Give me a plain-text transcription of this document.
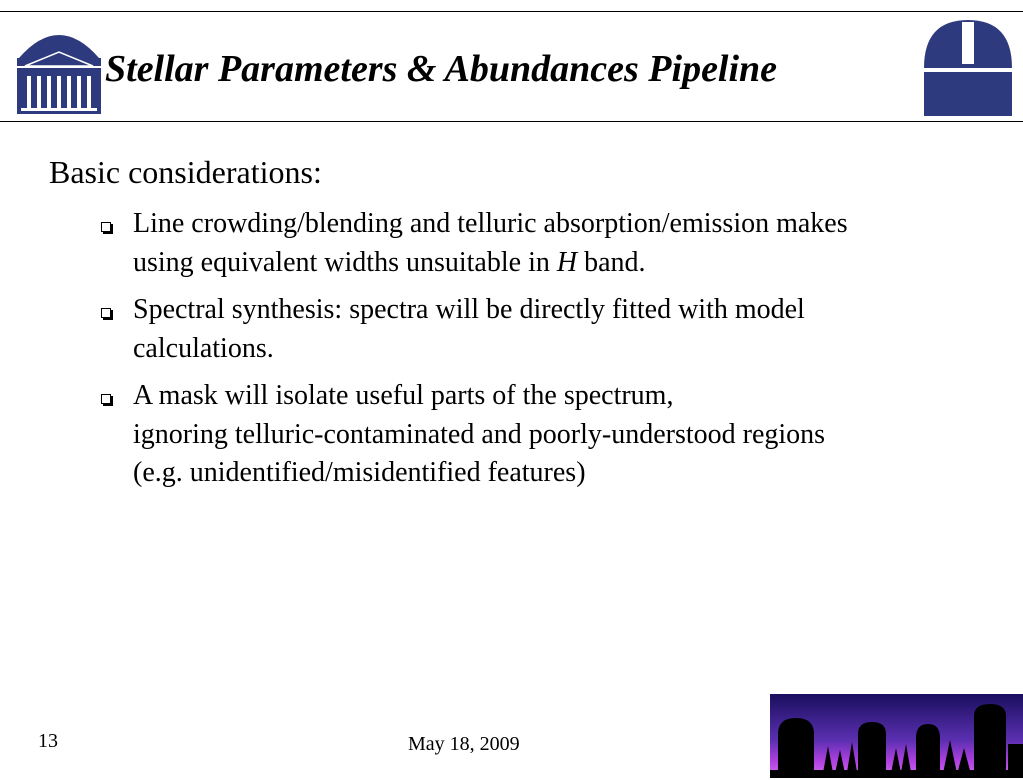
Stellar Parameters & Abundances Pipeline
Basic considerations:
Line crowding/blending and telluric absorption/emission makes
using equivalent widths unsuitable in H band.
Spectral synthesis: spectra will be directly fitted with model
calculations.
A mask will isolate useful parts of the spectrum,
ignoring telluric-contaminated and poorly-understood regions
(e.g. unidentified/misidentified features)
13	May 18, 2009
